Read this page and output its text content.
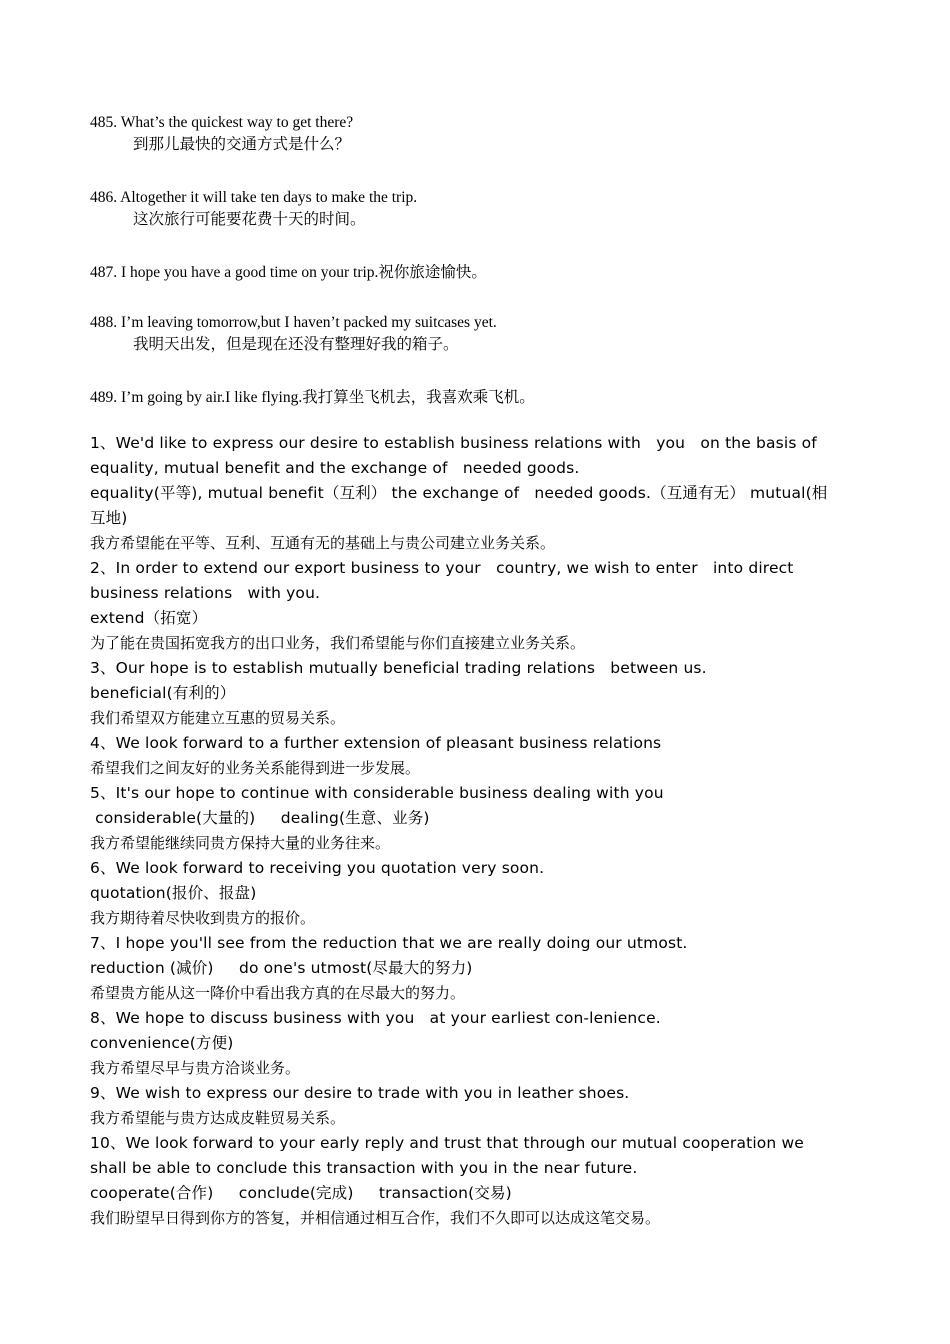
485. What’s the quickest way to get there?
到那儿最快的交通方式是什么？
486. Altogether it will take ten days to make the trip.
这次旅行可能要花费十天的时间。
487. I hope you have a good time on your trip.祝你旅途愉快。
488. I’m leaving tomorrow,but I haven’t packed my suitcases yet.
我明天出发，但是现在还没有整理好我的箱子。
489. I’m going by air.I like flying.我打算坐飞机去，我喜欢乘飞机。
1、We'd like to express our desire to establish business relations with   you   on the basis of
equality, mutual benefit and the exchange of   needed goods.
equality(平等), mutual benefit（互利） the exchange of   needed goods.（互通有无） mutual(相
互地)
我方希望能在平等、互利、互通有无的基础上与贵公司建立业务关系。
2、In order to extend our export business to your   country, we wish to enter   into direct
business relations   with you.
extend（拓宽）
为了能在贵国拓宽我方的出口业务，我们希望能与你们直接建立业务关系。
3、Our hope is to establish mutually beneficial trading relations   between us.
beneficial(有利的）
我们希望双方能建立互惠的贸易关系。
4、We look forward to a further extension of pleasant business relations
希望我们之间友好的业务关系能得到进一步发展。
5、It's our hope to continue with considerable business dealing with you
considerable(大量的)     dealing(生意、业务)
我方希望能继续同贵方保持大量的业务往来。
6、We look forward to receiving you quotation very soon.
quotation(报价、报盘)
我方期待着尽快收到贵方的报价。
7、I hope you'll see from the reduction that we are really doing our utmost.
reduction (减价)     do one's utmost(尽最大的努力)
希望贵方能从这一降价中看出我方真的在尽最大的努力。
8、We hope to discuss business with you   at your earliest con-lenience.
convenience(方便)
我方希望尽早与贵方洽谈业务。
9、We wish to express our desire to trade with you in leather shoes.
我方希望能与贵方达成皮鞋贸易关系。
10、We look forward to your early reply and trust that through our mutual cooperation we
shall be able to conclude this transaction with you in the near future.
cooperate(合作)     conclude(完成)     transaction(交易)
我们盼望早日得到你方的答复，并相信通过相互合作，我们不久即可以达成这笔交易。
